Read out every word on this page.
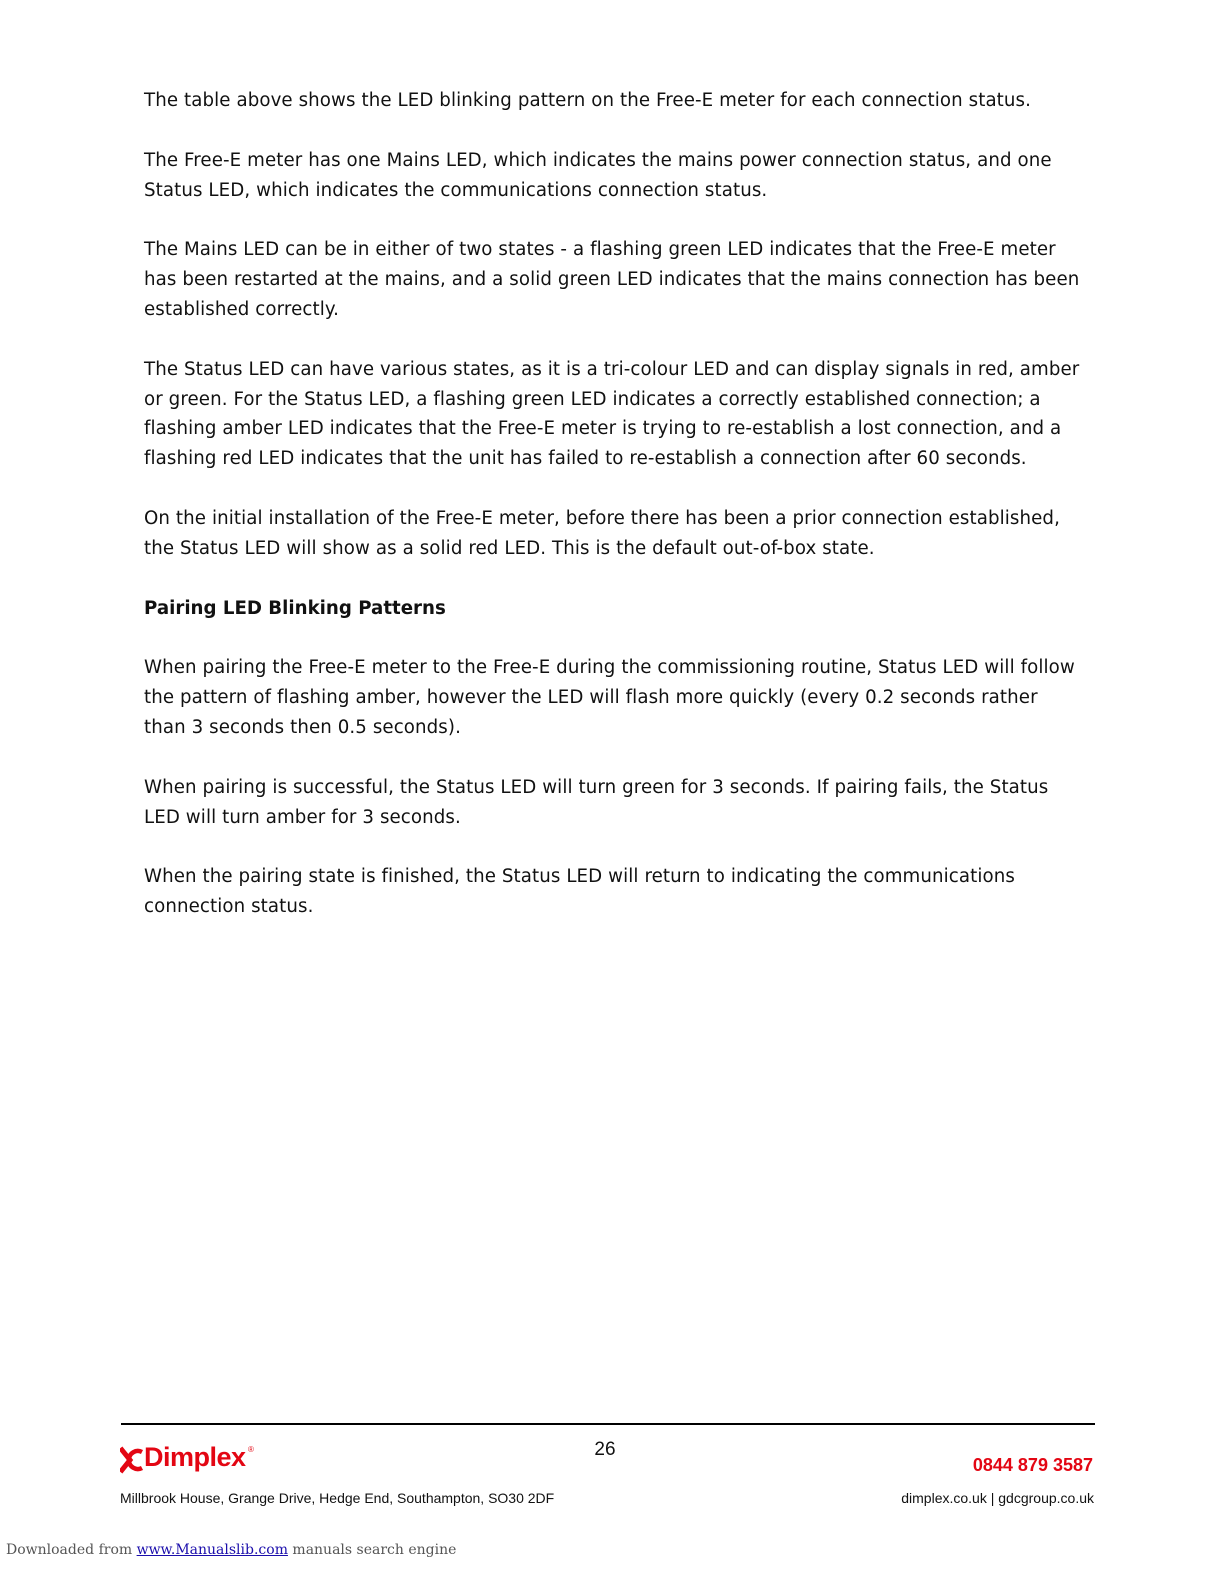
The table above shows the LED blinking pattern on the Free-E meter for each connection status.

The Free-E meter has one Mains LED, which indicates the mains power connection status, and one Status LED, which indicates the communications connection status.

The Mains LED can be in either of two states - a flashing green LED indicates that the Free-E meter has been restarted at the mains, and a solid green LED indicates that the mains connection has been established correctly.

The Status LED can have various states, as it is a tri-colour LED and can display signals in red, amber or green. For the Status LED, a flashing green LED indicates a correctly established connection; a flashing amber LED indicates that the Free-E meter is trying to re-establish a lost connection, and a flashing red LED indicates that the unit has failed to re-establish a connection after 60 seconds.

On the initial installation of the Free-E meter, before there has been a prior connection established, the Status LED will show as a solid red LED. This is the default out-of-box state.

Pairing LED Blinking Patterns

When pairing the Free-E meter to the Free-E during the commissioning routine, Status LED will follow the pattern of flashing amber, however the LED will flash more quickly (every 0.2 seconds rather than 3 seconds then 0.5 seconds).

When pairing is successful, the Status LED will turn green for 3 seconds. If pairing fails, the Status LED will turn amber for 3 seconds.

When the pairing state is finished, the Status LED will return to indicating the communications connection status.

26
Dimplex ®
0844 879 3587
Millbrook House, Grange Drive, Hedge End, Southampton, SO30 2DF	dimplex.co.uk | gdcgroup.co.uk
Downloaded from www.Manualslib.com manuals search engine
